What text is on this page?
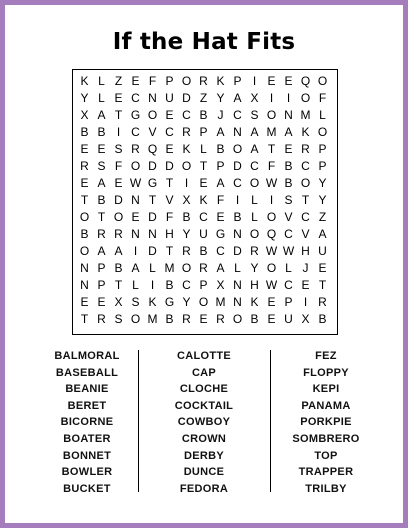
If the Hat Fits
K L Z E F P O R K P I E E Q O
Y L E C N U D Z Y A X I	I O F
X A T G O E C B J C S O N M L
B B I C V C R P A N A M A K O
E E S R Q E K L B O A T E R P
R S F O D D O T P D C F B C P
E A E W G T I E A C O W B O Y
T B D N T V X K F I L I S T Y
O T O E D F B C E B L O V C Z
B R R N N H Y U G N O Q C V A
O A A I D T R B C D R W W H U
N P B A L M O R A L Y O L J E
N P T L I B C P X N H W C E T
E E X S K G Y O M N K E P I R
T R S O M B R E R O B E U X B
BALMORAL
BASEBALL
BEANIE
BERET
BICORNE
BOATER
BONNET
BOWLER
BUCKET
CALOTTE
CAP
CLOCHE
COCKTAIL
COWBOY
CROWN
DERBY
DUNCE
FEDORA
FEZ
FLOPPY
KEPI
PANAMA
PORKPIE
SOMBRERO
TOP
TRAPPER
TRILBY
